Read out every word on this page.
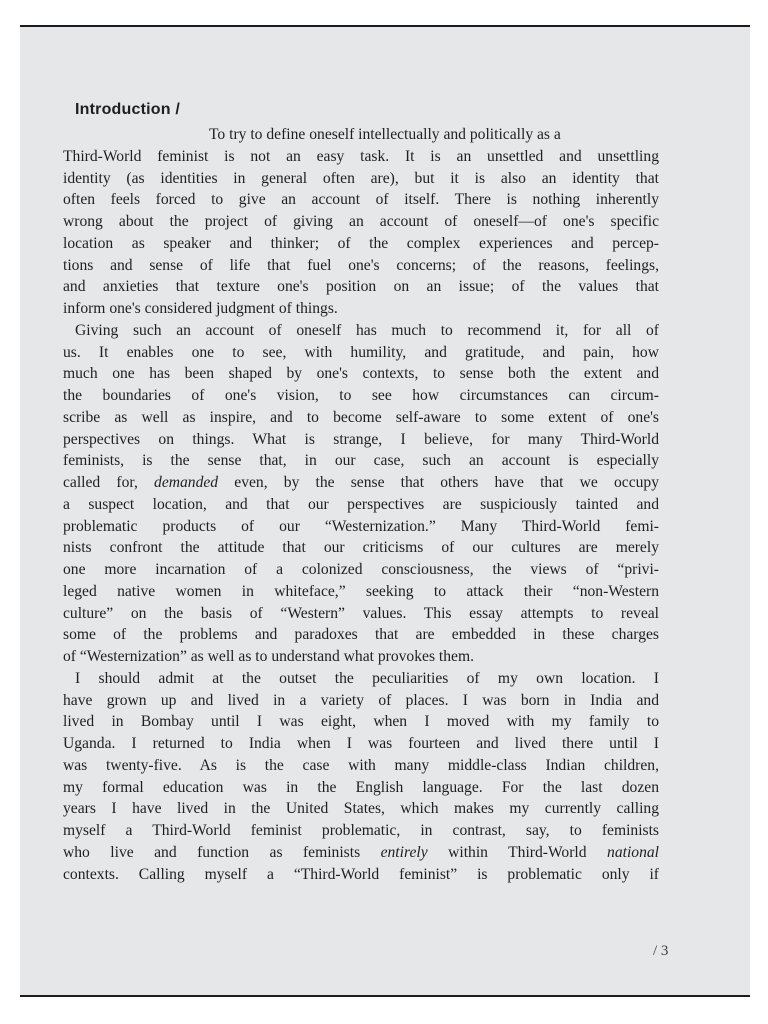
Introduction /
To try to define oneself intellectually and politically as a
Third-World feminist is not an easy task. It is an unsettled and unsettling
identity (as identities in general often are), but it is also an identity that
often feels forced to give an account of itself. There is nothing inherently
wrong about the project of giving an account of oneself—of one's specific
location as speaker and thinker; of the complex experiences and percep-
tions and sense of life that fuel one's concerns; of the reasons, feelings,
and anxieties that texture one's position on an issue; of the values that
inform one's considered judgment of things.
Giving such an account of oneself has much to recommend it, for all of
us. It enables one to see, with humility, and gratitude, and pain, how
much one has been shaped by one's contexts, to sense both the extent and
the boundaries of one's vision, to see how circumstances can circum-
scribe as well as inspire, and to become self-aware to some extent of one's
perspectives on things. What is strange, I believe, for many Third-World
feminists, is the sense that, in our case, such an account is especially
called for, demanded even, by the sense that others have that we occupy
a suspect location, and that our perspectives are suspiciously tainted and
problematic products of our “Westernization.” Many Third-World femi-
nists confront the attitude that our criticisms of our cultures are merely
one more incarnation of a colonized consciousness, the views of “privi-
leged native women in whiteface,” seeking to attack their “non-Western
culture” on the basis of “Western” values. This essay attempts to reveal
some of the problems and paradoxes that are embedded in these charges
of “Westernization” as well as to understand what provokes them.
I should admit at the outset the peculiarities of my own location. I
have grown up and lived in a variety of places. I was born in India and
lived in Bombay until I was eight, when I moved with my family to
Uganda. I returned to India when I was fourteen and lived there until I
was twenty-five. As is the case with many middle-class Indian children,
my formal education was in the English language. For the last dozen
years I have lived in the United States, which makes my currently calling
myself a Third-World feminist problematic, in contrast, say, to feminists
who live and function as feminists entirely within Third-World national
contexts. Calling myself a “Third-World feminist” is problematic only if
/ 3
